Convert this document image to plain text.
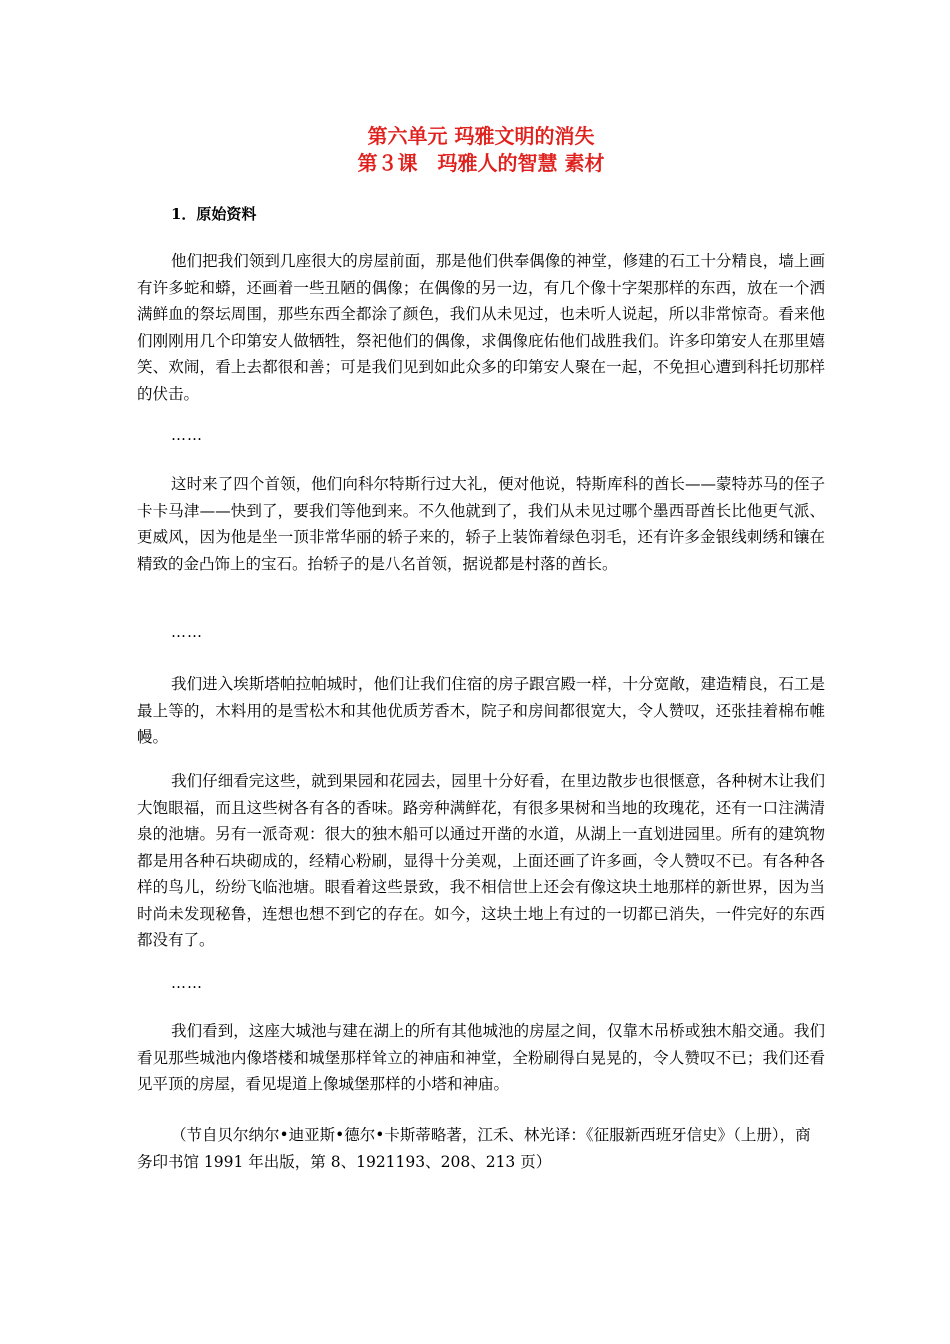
第六单元 玛雅文明的消失
第３课　玛雅人的智慧 素材
1．原始资料

他们把我们领到几座很大的房屋前面，那是他们供奉偶像的神堂，修建的石工十分精良，墙上画有许多蛇和蟒，还画着一些丑陋的偶像；在偶像的另一边，有几个像十字架那样的东西，放在一个洒满鲜血的祭坛周围，那些东西全都涂了颜色，我们从未见过，也未听人说起，所以非常惊奇。看来他们刚刚用几个印第安人做牺牲，祭祀他们的偶像，求偶像庇佑他们战胜我们。许多印第安人在那里嬉笑、欢闹，看上去都很和善；可是我们见到如此众多的印第安人聚在一起，不免担心遭到科托切那样的伏击。

……

这时来了四个首领，他们向科尔特斯行过大礼，便对他说，特斯库科的酋长——蒙特苏马的侄子卡卡马津——快到了，要我们等他到来。不久他就到了，我们从未见过哪个墨西哥酋长比他更气派、更威风，因为他是坐一顶非常华丽的轿子来的，轿子上装饰着绿色羽毛，还有许多金银线刺绣和镶在精致的金凸饰上的宝石。抬轿子的是八名首领，据说都是村落的酋长。

……

我们进入埃斯塔帕拉帕城时，他们让我们住宿的房子跟宫殿一样，十分宽敞，建造精良，石工是最上等的，木料用的是雪松木和其他优质芳香木，院子和房间都很宽大，令人赞叹，还张挂着棉布帷幔。

我们仔细看完这些，就到果园和花园去，园里十分好看，在里边散步也很惬意，各种树木让我们大饱眼福，而且这些树各有各的香味。路旁种满鲜花，有很多果树和当地的玫瑰花，还有一口注满清泉的池塘。另有一派奇观：很大的独木船可以通过开凿的水道，从湖上一直划进园里。所有的建筑物都是用各种石块砌成的，经精心粉刷，显得十分美观，上面还画了许多画，令人赞叹不已。有各种各样的鸟儿，纷纷飞临池塘。眼看着这些景致，我不相信世上还会有像这块土地那样的新世界，因为当时尚未发现秘鲁，连想也想不到它的存在。如今，这块土地上有过的一切都已消失，一件完好的东西都没有了。

……

我们看到，这座大城池与建在湖上的所有其他城池的房屋之间，仅靠木吊桥或独木船交通。我们看见那些城池内像塔楼和城堡那样耸立的神庙和神堂，全粉刷得白晃晃的，令人赞叹不已；我们还看见平顶的房屋，看见堤道上像城堡那样的小塔和神庙。

（节自贝尔纳尔•迪亚斯•德尔•卡斯蒂略著，江禾、林光译：《征服新西班牙信史》（上册），商务印书馆 1991 年出版，第 8、1921193、208、213 页）
